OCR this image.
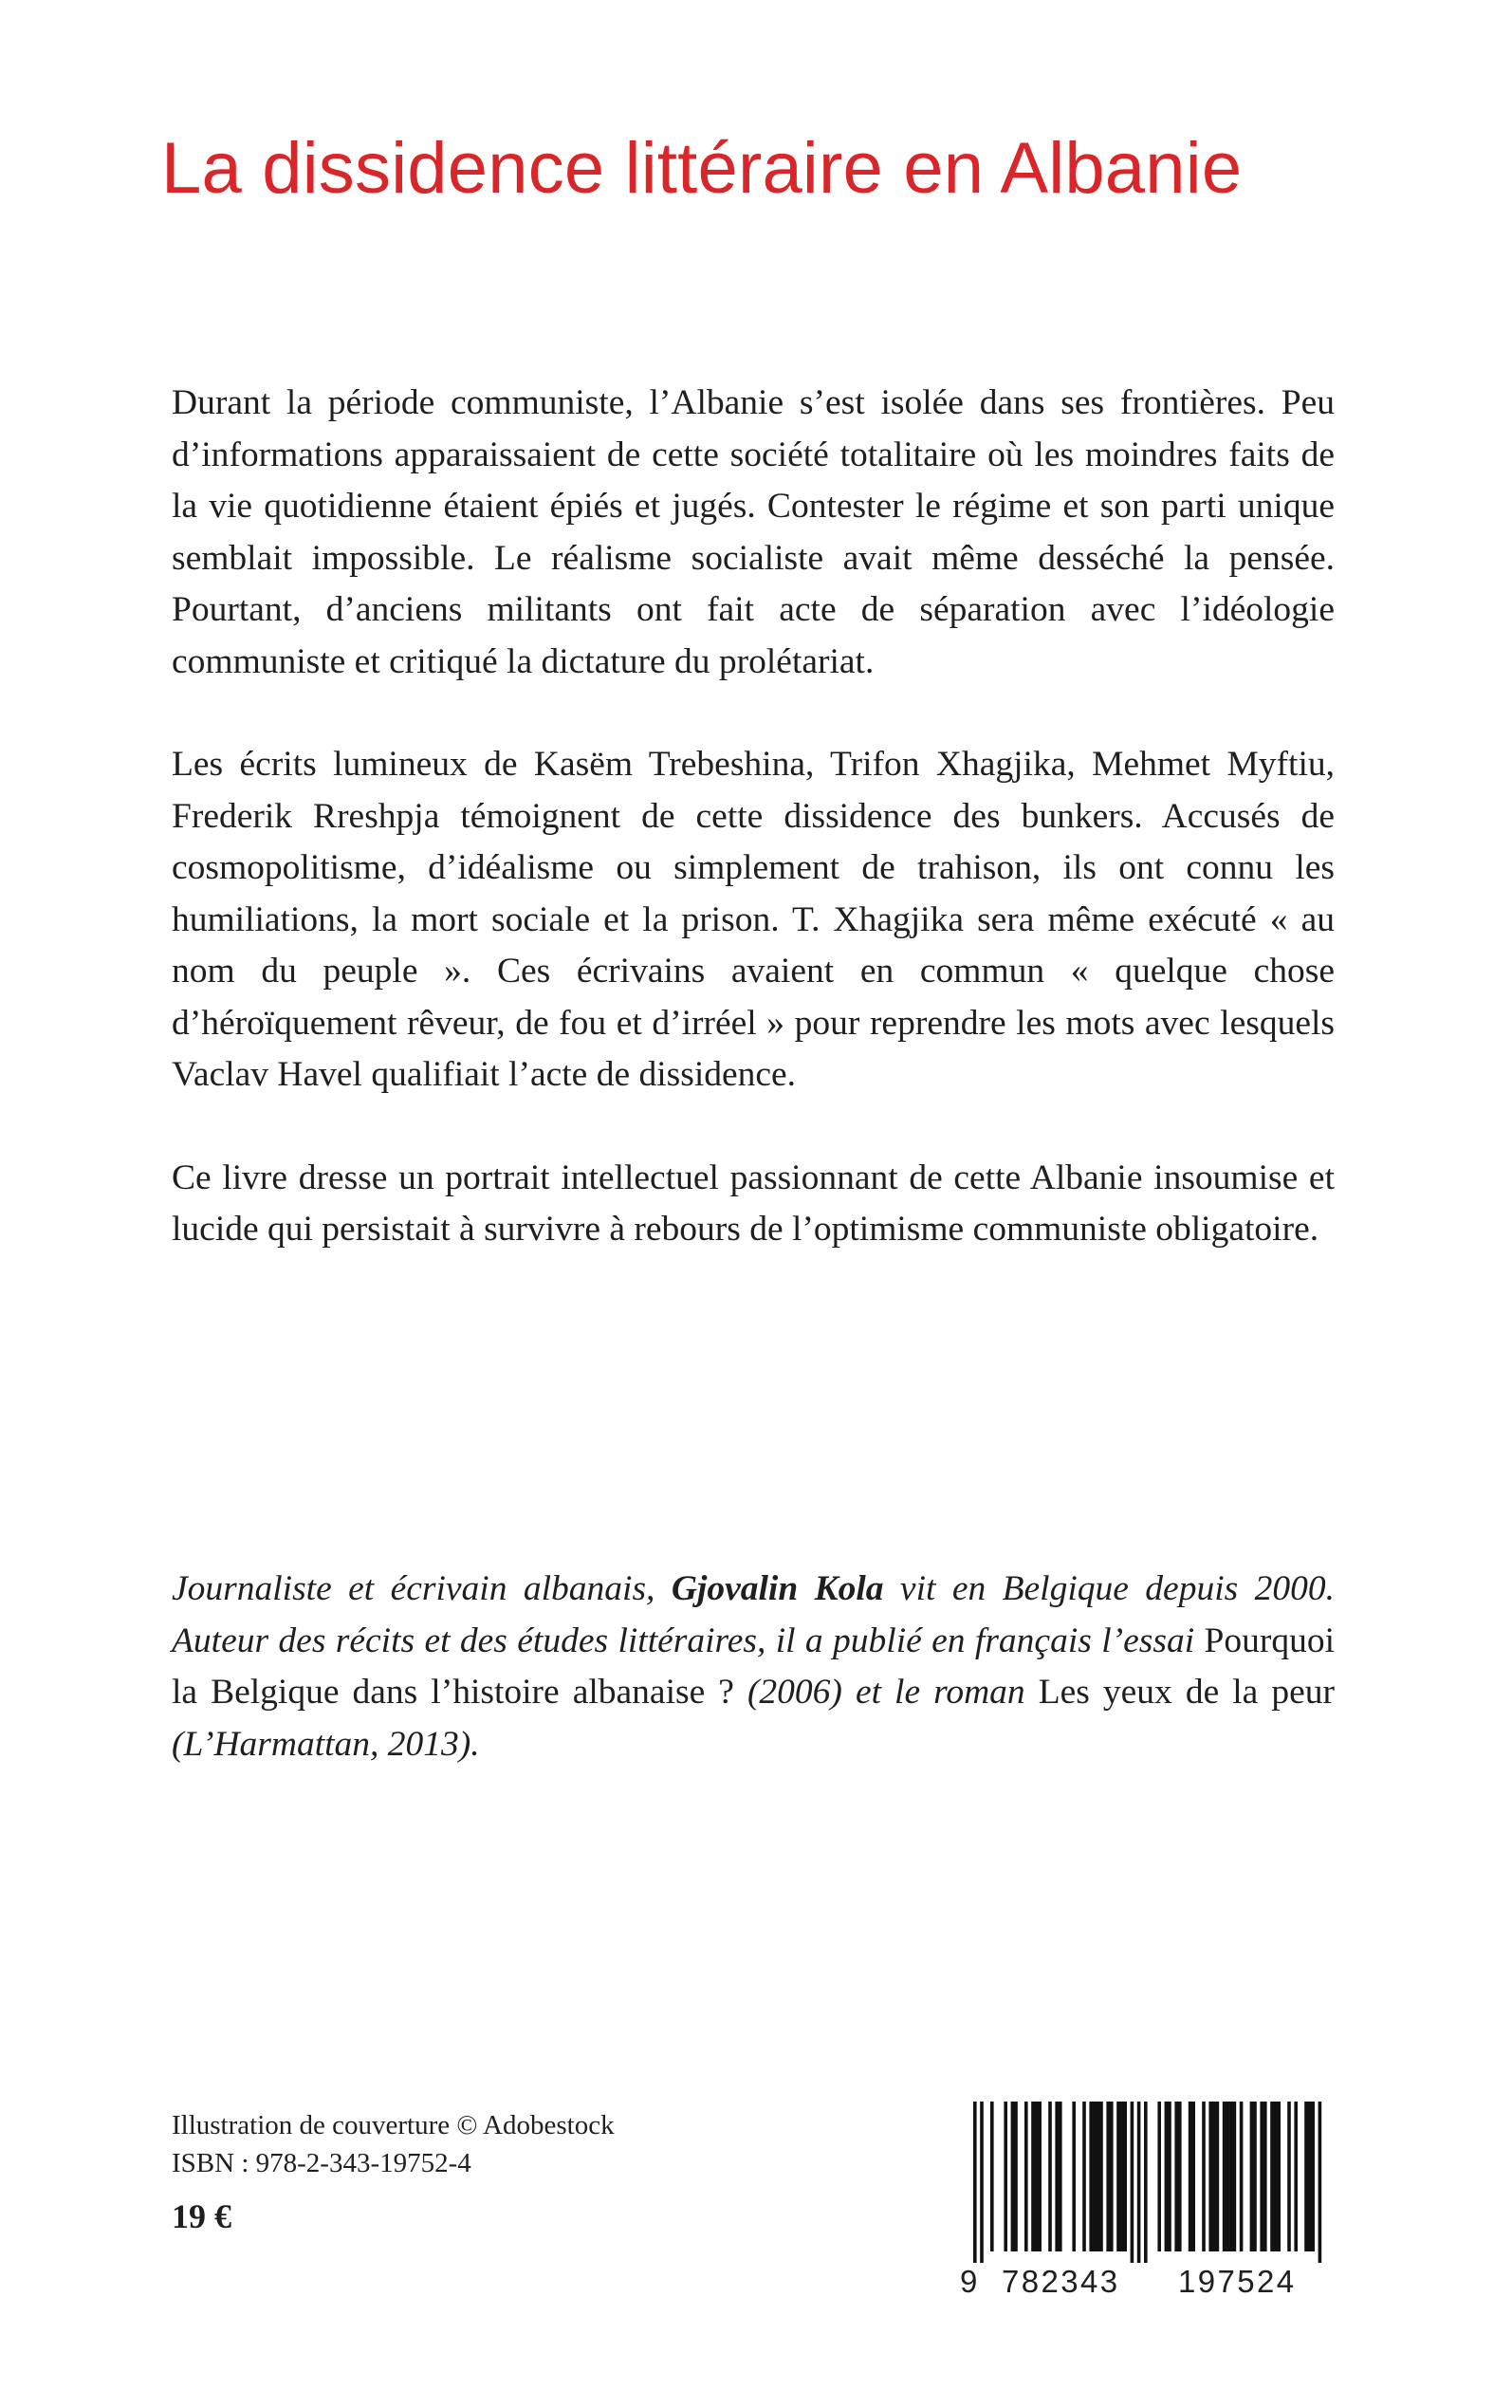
La dissidence littéraire en Albanie

Durant la période communiste, l’Albanie s’est isolée dans ses frontières. Peu d’informations apparaissaient de cette société totalitaire où les moindres faits de la vie quotidienne étaient épiés et jugés. Contester le régime et son parti unique semblait impossible. Le réalisme socialiste avait même desséché la pensée. Pourtant, d’anciens militants ont fait acte de séparation avec l’idéologie communiste et critiqué la dictature du prolétariat.

Les écrits lumineux de Kasëm Trebeshina, Trifon Xhagjika, Mehmet Myftiu, Frederik Rreshpja témoignent de cette dissidence des bunkers. Accusés de cosmopolitisme, d’idéalisme ou simplement de trahison, ils ont connu les humiliations, la mort sociale et la prison. T. Xhagjika sera même exécuté « au nom du peuple ». Ces écrivains avaient en commun « quelque chose d’héroïquement rêveur, de fou et d’irréel » pour reprendre les mots avec lesquels Vaclav Havel qualifiait l’acte de dissidence.

Ce livre dresse un portrait intellectuel passionnant de cette Albanie insoumise et lucide qui persistait à survivre à rebours de l’optimisme communiste obligatoire.

Journaliste et écrivain albanais, Gjovalin Kola vit en Belgique depuis 2000. Auteur des récits et des études littéraires, il a publié en français l’essai Pourquoi la Belgique dans l’histoire albanaise ? (2006) et le roman Les yeux de la peur (L’Harmattan, 2013).

Illustration de couverture © Adobestock
ISBN : 978-2-343-19752-4
19 €
9 782343 197524
